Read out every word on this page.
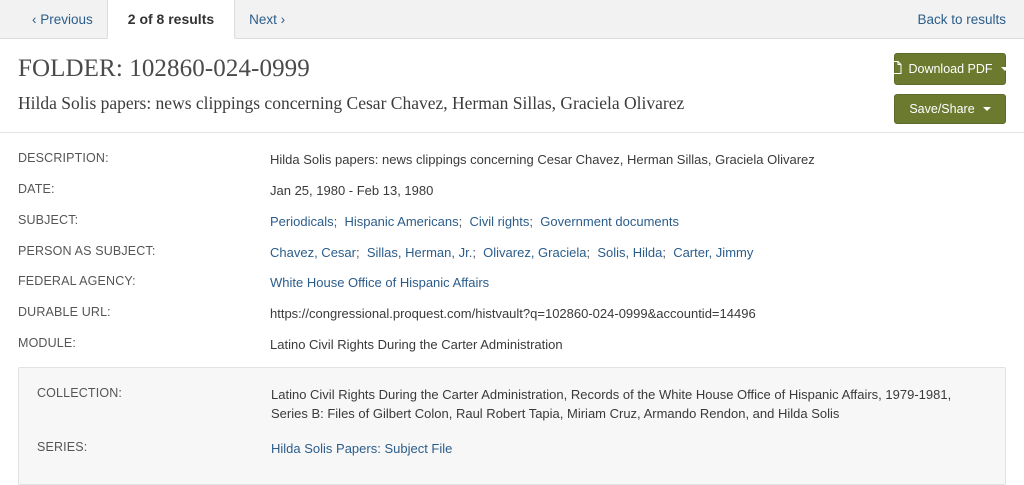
‹ Previous	2 of 8 results	Next ›	Back to results
FOLDER: 102860-024-0999
Hilda Solis papers: news clippings concerning Cesar Chavez, Herman Sillas, Graciela Olivarez
Download PDF
Save/Share
DESCRIPTION:	Hilda Solis papers: news clippings concerning Cesar Chavez, Herman Sillas, Graciela Olivarez
DATE:	Jan 25, 1980 - Feb 13, 1980
SUBJECT:	Periodicals;  Hispanic Americans;  Civil rights;  Government documents
PERSON AS SUBJECT:	Chavez, Cesar;  Sillas, Herman, Jr.;  Olivarez, Graciela;  Solis, Hilda;  Carter, Jimmy
FEDERAL AGENCY:	White House Office of Hispanic Affairs
DURABLE URL:	https://congressional.proquest.com/histvault?q=102860-024-0999&accountid=14496
MODULE:	Latino Civil Rights During the Carter Administration
COLLECTION:	Latino Civil Rights During the Carter Administration, Records of the White House Office of Hispanic Affairs, 1979-1981, Series B: Files of Gilbert Colon, Raul Robert Tapia, Miriam Cruz, Armando Rendon, and Hilda Solis
SERIES:	Hilda Solis Papers: Subject File
